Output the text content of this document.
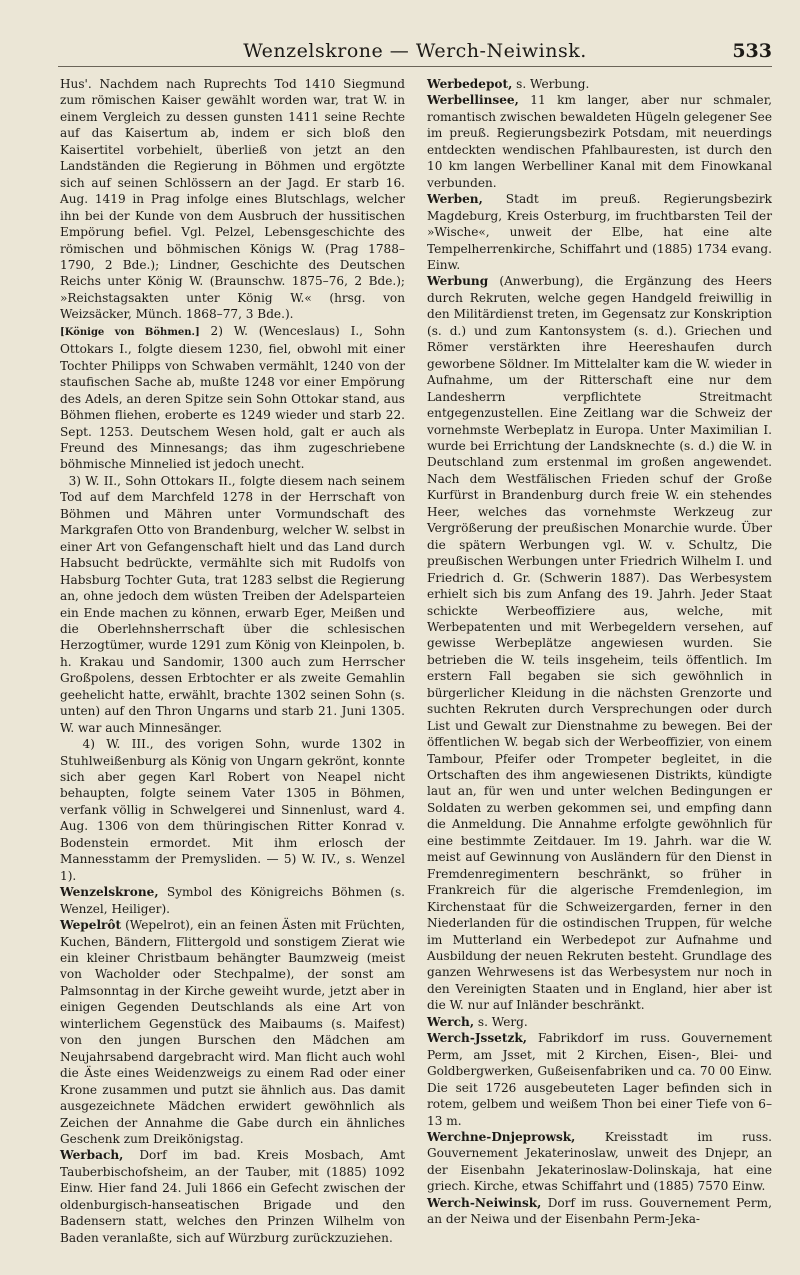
Wenzelskrone — Werch-Neiwinsk.	533

Hus'. Nachdem nach Ruprechts Tod 1410 Siegmund zum römischen Kaiser gewählt worden war, trat W. in einem Vergleich zu dessen gunsten 1411 seine Rechte auf das Kaisertum ab, indem er sich bloß den Kaisertitel vorbehielt, überließ von jetzt an den Landständen die Regierung in Böhmen und ergötzte sich auf seinen Schlössern an der Jagd. Er starb 16. Aug. 1419 in Prag infolge eines Blutschlags, welcher ihn bei der Kunde von dem Ausbruch der hussitischen Empörung befiel. Vgl. Pelzel, Lebensgeschichte des römischen und böhmischen Königs W. (Prag 1788–1790, 2 Bde.); Lindner, Geschichte des Deutschen Reichs unter König W. (Braunschw. 1875–76, 2 Bde.); »Reichstagsakten unter König W.« (hrsg. von Weizsäcker, Münch. 1868–77, 3 Bde.).

[Könige von Böhmen.] 2) W. (Wenceslaus) I., Sohn Ottokars I., folgte diesem 1230, fiel, obwohl mit einer Tochter Philipps von Schwaben vermählt, 1240 von der staufischen Sache ab, mußte 1248 vor einer Empörung des Adels, an deren Spitze sein Sohn Ottokar stand, aus Böhmen fliehen, eroberte es 1249 wieder und starb 22. Sept. 1253. Deutschem Wesen hold, galt er auch als Freund des Minnesangs; das ihm zugeschriebene böhmische Minnelied ist jedoch unecht.

3) W. II., Sohn Ottokars II., folgte diesem nach seinem Tod auf dem Marchfeld 1278 in der Herrschaft von Böhmen und Mähren unter Vormundschaft des Markgrafen Otto von Brandenburg, welcher W. selbst in einer Art von Gefangenschaft hielt und das Land durch Habsucht bedrückte, vermählte sich mit Rudolfs von Habsburg Tochter Guta, trat 1283 selbst die Regierung an, ohne jedoch dem wüsten Treiben der Adelsparteien ein Ende machen zu können, erwarb Eger, Meißen und die Oberlehnsherrschaft über die schlesischen Herzogtümer, wurde 1291 zum König von Kleinpolen, b. h. Krakau und Sandomir, 1300 auch zum Herrscher Großpolens, dessen Erbtochter er als zweite Gemahlin geehelicht hatte, erwählt, brachte 1302 seinen Sohn (s. unten) auf den Thron Ungarns und starb 21. Juni 1305. W. war auch Minnesänger.

4) W. III., des vorigen Sohn, wurde 1302 in Stuhlweißenburg als König von Ungarn gekrönt, konnte sich aber gegen Karl Robert von Neapel nicht behaupten, folgte seinem Vater 1305 in Böhmen, verfank völlig in Schwelgerei und Sinnenlust, ward 4. Aug. 1306 von dem thüringischen Ritter Konrad v. Bodenstein ermordet. Mit ihm erlosch der Mannesstamm der Premysliden. — 5) W. IV., s. Wenzel 1).

Wenzelskrone, Symbol des Königreichs Böhmen (s. Wenzel, Heiliger).

Wepelrôt (Wepelrot), ein an feinen Ästen mit Früchten, Kuchen, Bändern, Flittergold und sonstigem Zierat wie ein kleiner Christbaum behängter Baumzweig (meist von Wacholder oder Stechpalme), der sonst am Palmsonntag in der Kirche geweiht wurde, jetzt aber in einigen Gegenden Deutschlands als eine Art von winterlichem Gegenstück des Maibaums (s. Maifest) von den jungen Burschen den Mädchen am Neujahrsabend dargebracht wird. Man flicht auch wohl die Äste eines Weidenzweigs zu einem Rad oder einer Krone zusammen und putzt sie ähnlich aus. Das damit ausgezeichnete Mädchen erwidert gewöhnlich als Zeichen der Annahme die Gabe durch ein ähnliches Geschenk zum Dreikönigstag.

Werbach, Dorf im bad. Kreis Mosbach, Amt Tauberbischofsheim, an der Tauber, mit (1885) 1092 Einw. Hier fand 24. Juli 1866 ein Gefecht zwischen der oldenburgisch-hanseatischen Brigade und den Badensern statt, welches den Prinzen Wilhelm von Baden veranlaßte, sich auf Würzburg zurückzuziehen.

Werbedepot, s. Werbung.

Werbellinsee, 11 km langer, aber nur schmaler, romantisch zwischen bewaldeten Hügeln gelegener See im preuß. Regierungsbezirk Potsdam, mit neuerdings entdeckten wendischen Pfahlbauresten, ist durch den 10 km langen Werbelliner Kanal mit dem Finowkanal verbunden.

Werben, Stadt im preuß. Regierungsbezirk Magdeburg, Kreis Osterburg, im fruchtbarsten Teil der »Wische«, unweit der Elbe, hat eine alte Tempelherrenkirche, Schiffahrt und (1885) 1734 evang. Einw.

Werbung (Anwerbung), die Ergänzung des Heers durch Rekruten, welche gegen Handgeld freiwillig in den Militärdienst treten, im Gegensatz zur Konskription (s. d.) und zum Kantonsystem (s. d.). Griechen und Römer verstärkten ihre Heereshaufen durch geworbene Söldner. Im Mittelalter kam die W. wieder in Aufnahme, um der Ritterschaft eine nur dem Landesherrn verpflichtete Streitmacht entgegenzustellen. Eine Zeitlang war die Schweiz der vornehmste Werbeplatz in Europa. Unter Maximilian I. wurde bei Errichtung der Landsknechte (s. d.) die W. in Deutschland zum erstenmal im großen angewendet. Nach dem Westfälischen Frieden schuf der Große Kurfürst in Brandenburg durch freie W. ein stehendes Heer, welches das vornehmste Werkzeug zur Vergrößerung der preußischen Monarchie wurde. Über die spätern Werbungen vgl. W. v. Schultz, Die preußischen Werbungen unter Friedrich Wilhelm I. und Friedrich d. Gr. (Schwerin 1887). Das Werbesystem erhielt sich bis zum Anfang des 19. Jahrh. Jeder Staat schickte Werbeoffiziere aus, welche, mit Werbepatenten und mit Werbegeldern versehen, auf gewisse Werbeplätze angewiesen wurden. Sie betrieben die W. teils insgeheim, teils öffentlich. Im erstern Fall begaben sie sich gewöhnlich in bürgerlicher Kleidung in die nächsten Grenzorte und suchten Rekruten durch Versprechungen oder durch List und Gewalt zur Dienstnahme zu bewegen. Bei der öffentlichen W. begab sich der Werbeoffizier, von einem Tambour, Pfeifer oder Trompeter begleitet, in die Ortschaften des ihm angewiesenen Distrikts, kündigte laut an, für wen und unter welchen Bedingungen er Soldaten zu werben gekommen sei, und empfing dann die Anmeldung. Die Annahme erfolgte gewöhnlich für eine bestimmte Zeitdauer. Im 19. Jahrh. war die W. meist auf Gewinnung von Ausländern für den Dienst in Fremdenregimentern beschränkt, so früher in Frankreich für die algerische Fremdenlegion, im Kirchenstaat für die Schweizergarden, ferner in den Niederlanden für die ostindischen Truppen, für welche im Mutterland ein Werbedepot zur Aufnahme und Ausbildung der neuen Rekruten besteht. Grundlage des ganzen Wehrwesens ist das Werbesystem nur noch in den Vereinigten Staaten und in England, hier aber ist die W. nur auf Inländer beschränkt.

Werch, s. Werg.

Werch-Jssetzk, Fabrikdorf im russ. Gouvernement Perm, am Jsset, mit 2 Kirchen, Eisen-, Blei- und Goldbergwerken, Gußeisenfabriken und ca. 70 00 Einw. Die seit 1726 ausgebeuteten Lager befinden sich in rotem, gelbem und weißem Thon bei einer Tiefe von 6–13 m.

Werchne-Dnjeprowsk, Kreisstadt im russ. Gouvernement Jekaterinoslaw, unweit des Dnjepr, an der Eisenbahn Jekaterinoslaw-Dolinskaja, hat eine griech. Kirche, etwas Schiffahrt und (1885) 7570 Einw.

Werch-Neiwinsk, Dorf im russ. Gouvernement Perm, an der Neiwa und der Eisenbahn Perm-Jeka-
